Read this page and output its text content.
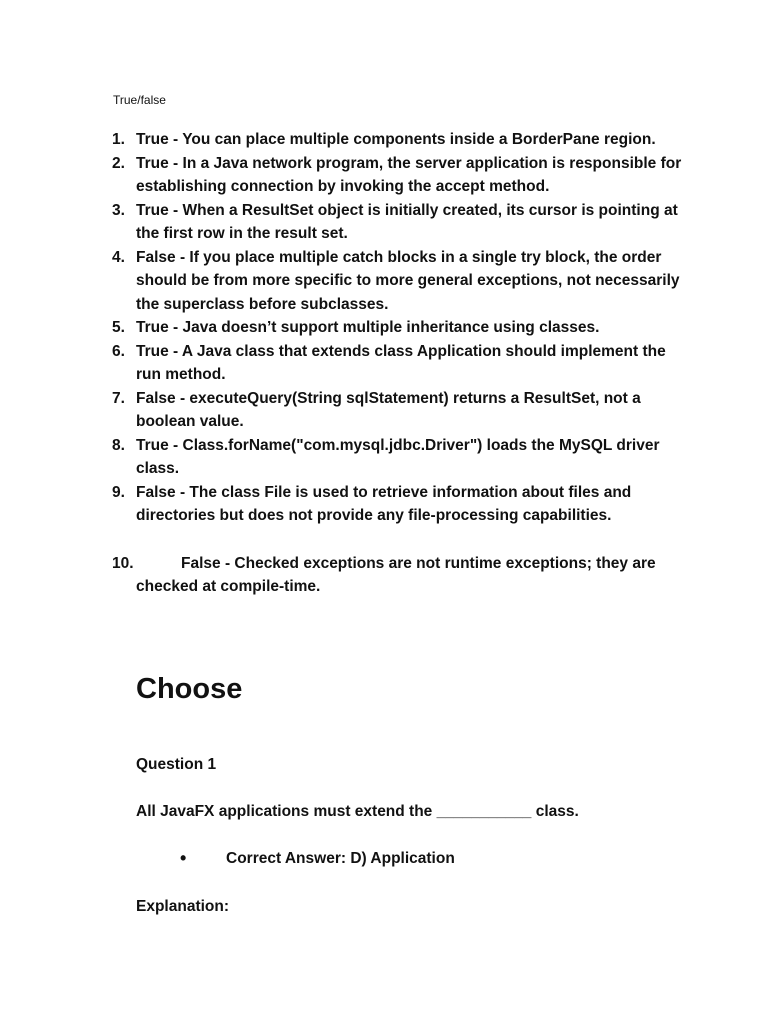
True/false
1. True - You can place multiple components inside a BorderPane region.
2. True - In a Java network program, the server application is responsible for establishing connection by invoking the accept method.
3. True - When a ResultSet object is initially created, its cursor is pointing at the first row in the result set.
4. False - If you place multiple catch blocks in a single try block, the order should be from more specific to more general exceptions, not necessarily the superclass before subclasses.
5. True - Java doesn’t support multiple inheritance using classes.
6. True - A Java class that extends class Application should implement the run method.
7. False - executeQuery(String sqlStatement) returns a ResultSet, not a boolean value.
8. True - Class.forName("com.mysql.jdbc.Driver") loads the MySQL driver class.
9. False - The class File is used to retrieve information about files and directories but does not provide any file-processing capabilities.
10.	False - Checked exceptions are not runtime exceptions; they are
checked at compile-time.
Choose
Question 1
All JavaFX applications must extend the ___________ class.
•	Correct Answer: D) Application
Explanation:
